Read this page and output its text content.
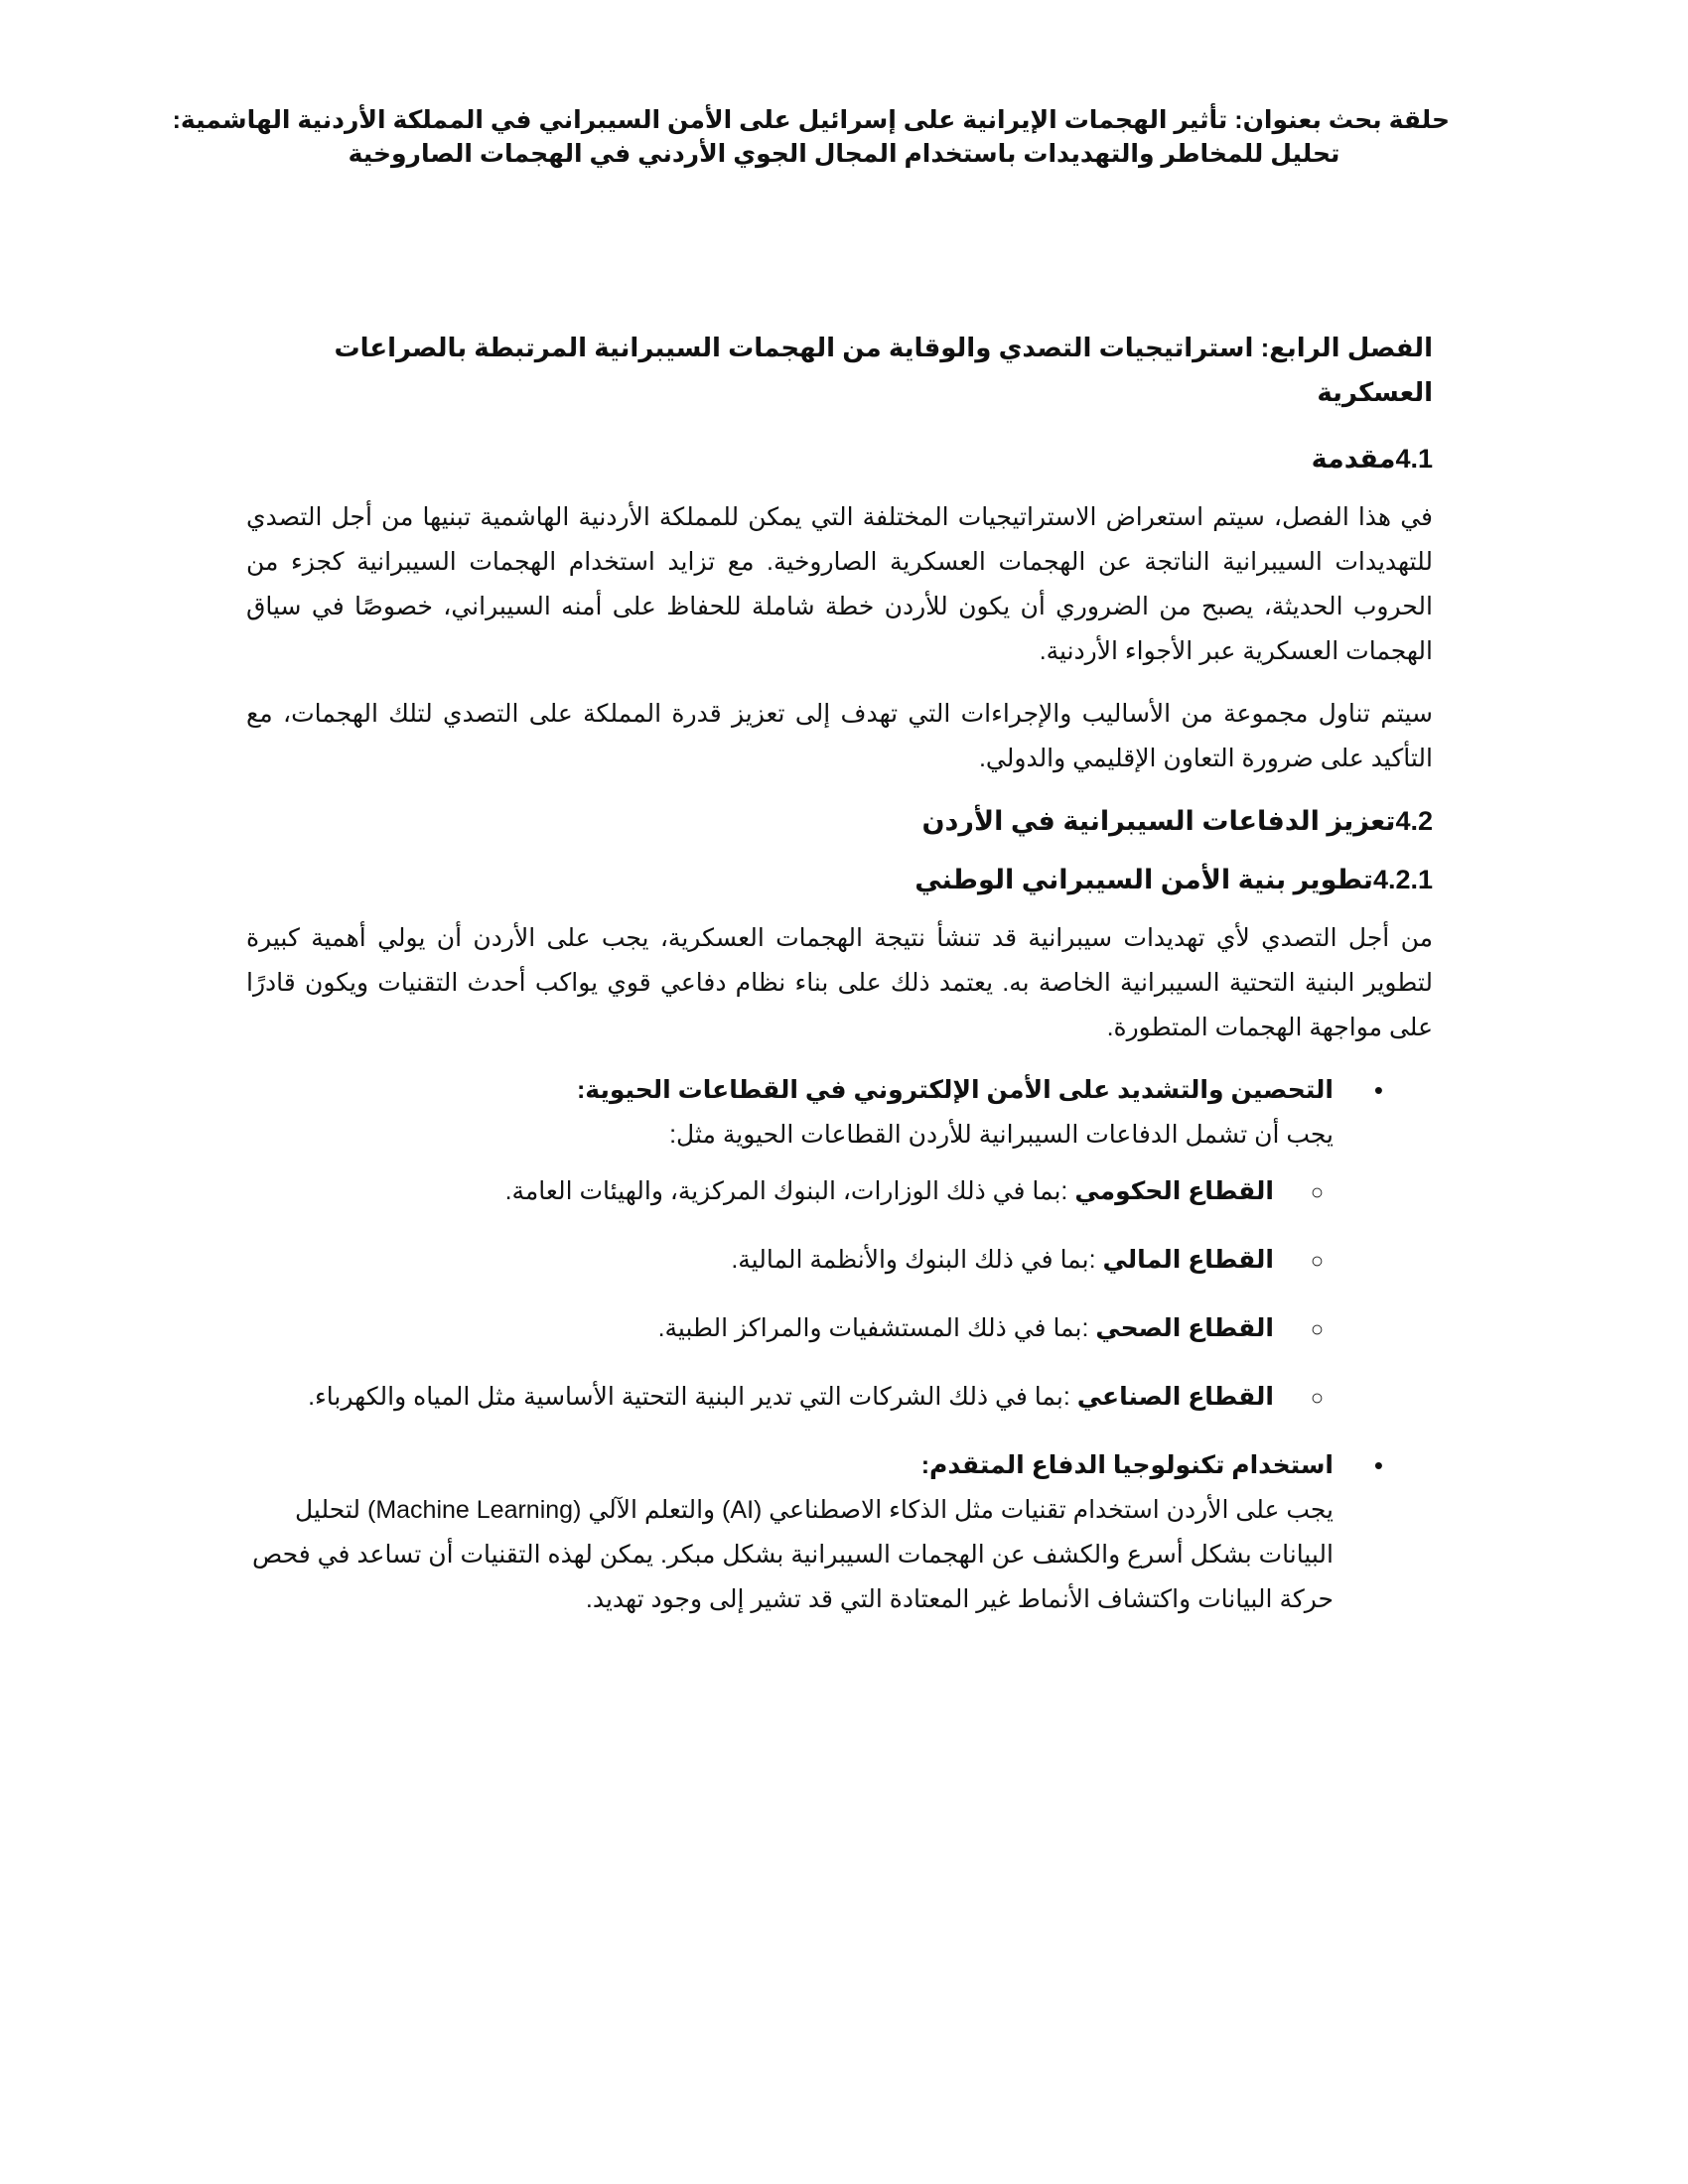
حلقة بحث بعنوان: تأثير الهجمات الإيرانية على إسرائيل على الأمن السيبراني في المملكة الأردنية الهاشمية:
تحليل للمخاطر والتهديدات باستخدام المجال الجوي الأردني في الهجمات الصاروخية
الفصل الرابع: استراتيجيات التصدي والوقاية من الهجمات السيبرانية المرتبطة بالصراعات العسكرية
4.1مقدمة
في هذا الفصل، سيتم استعراض الاستراتيجيات المختلفة التي يمكن للمملكة الأردنية الهاشمية تبنيها من أجل التصدي للتهديدات السيبرانية الناتجة عن الهجمات العسكرية الصاروخية. مع تزايد استخدام الهجمات السيبرانية كجزء من الحروب الحديثة، يصبح من الضروري أن يكون للأردن خطة شاملة للحفاظ على أمنه السيبراني، خصوصًا في سياق الهجمات العسكرية عبر الأجواء الأردنية.
سيتم تناول مجموعة من الأساليب والإجراءات التي تهدف إلى تعزيز قدرة المملكة على التصدي لتلك الهجمات، مع التأكيد على ضرورة التعاون الإقليمي والدولي.
4.2تعزيز الدفاعات السيبرانية في الأردن
4.2.1تطوير بنية الأمن السيبراني الوطني
من أجل التصدي لأي تهديدات سيبرانية قد تنشأ نتيجة الهجمات العسكرية، يجب على الأردن أن يولي أهمية كبيرة لتطوير البنية التحتية السيبرانية الخاصة به. يعتمد ذلك على بناء نظام دفاعي قوي يواكب أحدث التقنيات ويكون قادرًا على مواجهة الهجمات المتطورة.
•
التحصين والتشديد على الأمن الإلكتروني في القطاعات الحيوية:
يجب أن تشمل الدفاعات السيبرانية للأردن القطاعات الحيوية مثل:
○
القطاع الحكومي :بما في ذلك الوزارات، البنوك المركزية، والهيئات العامة.
○
القطاع المالي :بما في ذلك البنوك والأنظمة المالية.
○
القطاع الصحي :بما في ذلك المستشفيات والمراكز الطبية.
○
القطاع الصناعي :بما في ذلك الشركات التي تدير البنية التحتية الأساسية مثل المياه والكهرباء.
•
استخدام تكنولوجيا الدفاع المتقدم:
يجب على الأردن استخدام تقنيات مثل الذكاء الاصطناعي (AI) والتعلم الآلي (Machine Learning) لتحليل البيانات بشكل أسرع والكشف عن الهجمات السيبرانية بشكل مبكر. يمكن لهذه التقنيات أن تساعد في فحص حركة البيانات واكتشاف الأنماط غير المعتادة التي قد تشير إلى وجود تهديد.
